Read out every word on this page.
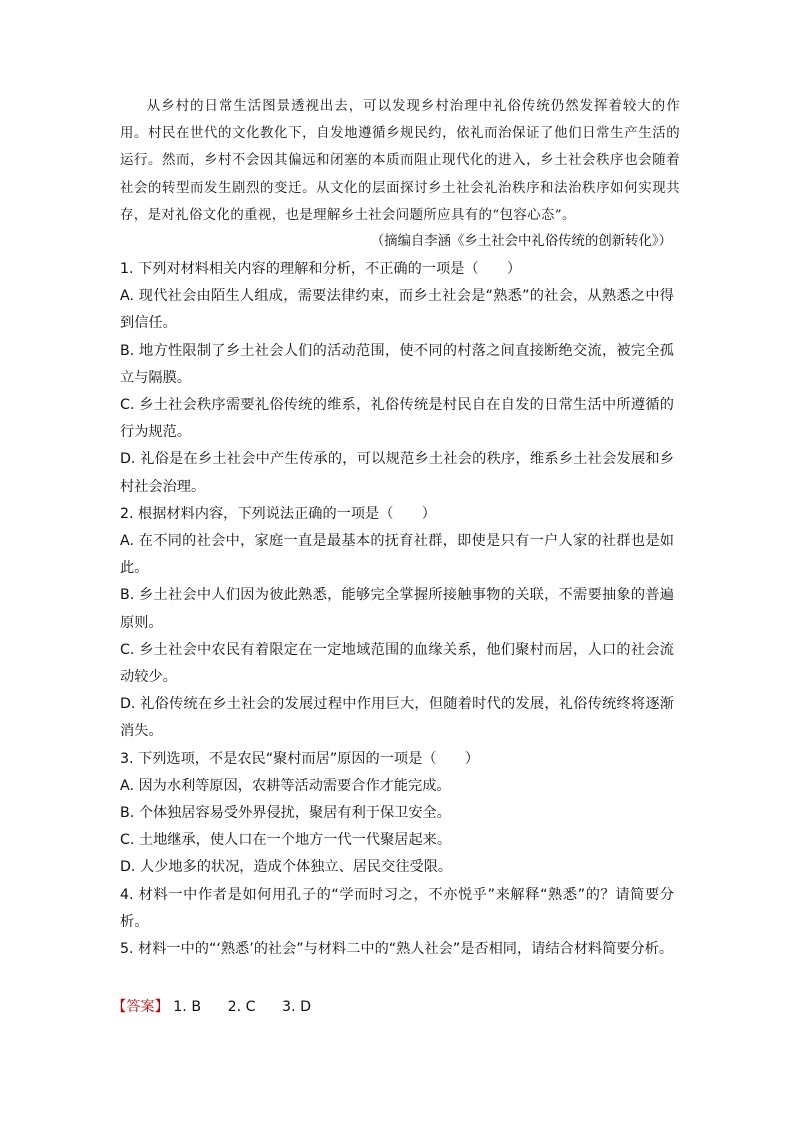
从乡村的日常生活图景透视出去，可以发现乡村治理中礼俗传统仍然发挥着较大的作用。村民在世代的文化教化下，自发地遵循乡规民约，依礼而治保证了他们日常生产生活的运行。然而，乡村不会因其偏远和闭塞的本质而阻止现代化的进入，乡土社会秩序也会随着社会的转型而发生剧烈的变迁。从文化的层面探讨乡土社会礼治秩序和法治秩序如何实现共存，是对礼俗文化的重视，也是理解乡土社会问题所应具有的“包容心态”。

（摘编自李涵《乡土社会中礼俗传统的创新转化》）
1. 下列对材料相关内容的理解和分析，不正确的一项是（　　）
A. 现代社会由陌生人组成，需要法律约束，而乡土社会是“熟悉”的社会，从熟悉之中得到信任。
B. 地方性限制了乡土社会人们的活动范围，使不同的村落之间直接断绝交流，被完全孤立与隔膜。
C. 乡土社会秩序需要礼俗传统的维系，礼俗传统是村民自在自发的日常生活中所遵循的行为规范。
D. 礼俗是在乡土社会中产生传承的，可以规范乡土社会的秩序，维系乡土社会发展和乡村社会治理。
2. 根据材料内容，下列说法正确的一项是（　　）
A. 在不同的社会中，家庭一直是最基本的抚育社群，即使是只有一户人家的社群也是如此。
B. 乡土社会中人们因为彼此熟悉，能够完全掌握所接触事物的关联，不需要抽象的普遍原则。
C. 乡土社会中农民有着限定在一定地域范围的血缘关系，他们聚村而居，人口的社会流动较少。
D. 礼俗传统在乡土社会的发展过程中作用巨大，但随着时代的发展，礼俗传统终将逐渐消失。
3. 下列选项，不是农民“聚村而居”原因的一项是（　　）
A. 因为水利等原因，农耕等活动需要合作才能完成。
B. 个体独居容易受外界侵扰，聚居有利于保卫安全。
C. 土地继承，使人口在一个地方一代一代聚居起来。
D. 人少地多的状况，造成个体独立、居民交往受限。
4. 材料一中作者是如何用孔子的“学而时习之，不亦悦乎”来解释“熟悉”的？请简要分析。
5. 材料一中的“‘熟悉’的社会”与材料二中的“熟人社会”是否相同，请结合材料简要分析。
【答案】 1. B 2. C 3. D
